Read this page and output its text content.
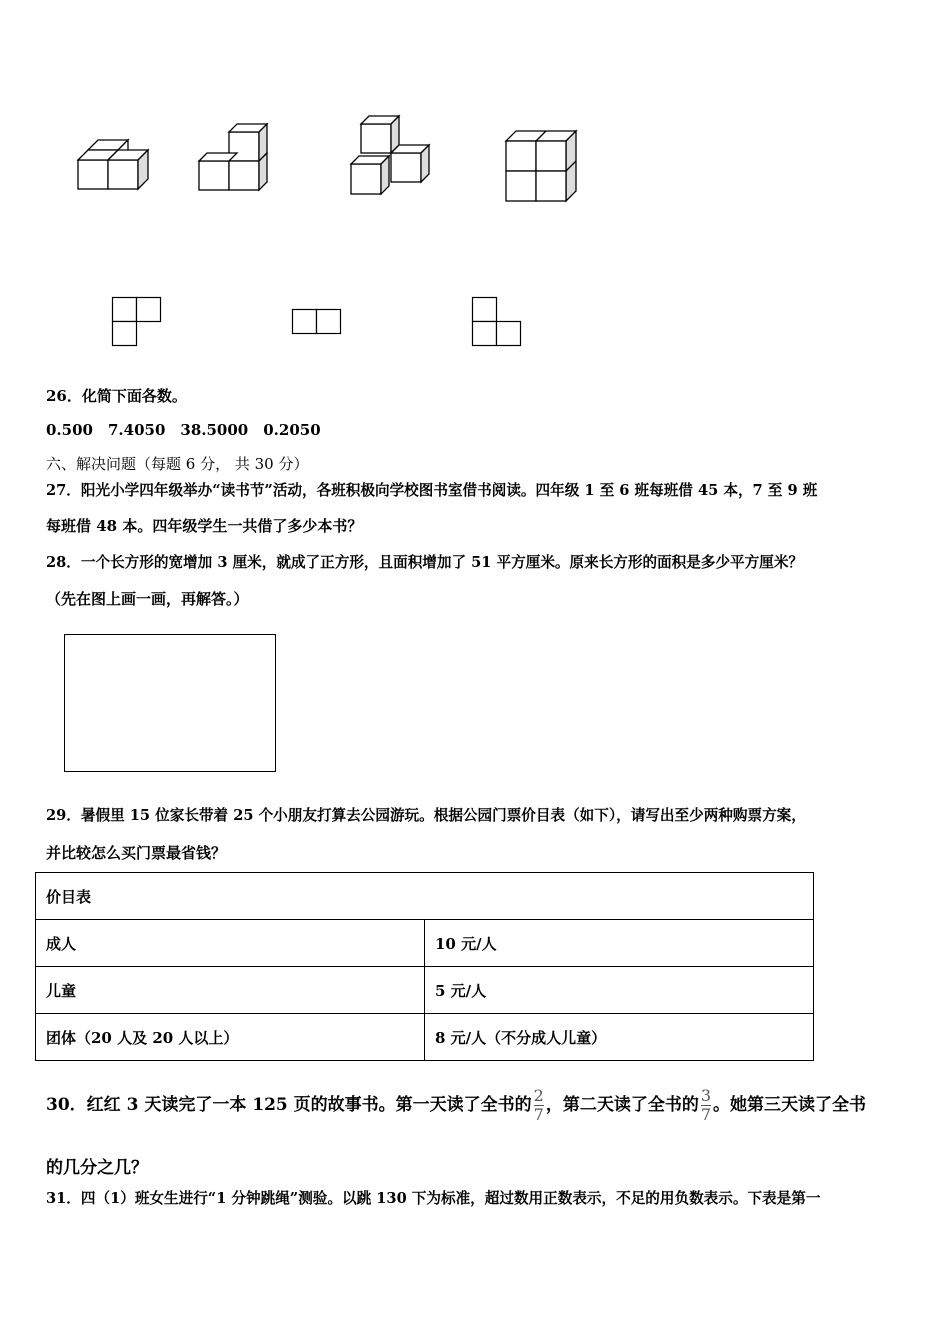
26．化简下面各数。
0.500　7.4050　38.5000　0.2050
六、解决问题（每题 6 分， 共 30 分）
27．阳光小学四年级举办“读书节”活动，各班积极向学校图书室借书阅读。四年级 1 至 6 班每班借 45 本，7 至 9 班
每班借 48 本。四年级学生一共借了多少本书？
28．一个长方形的宽增加 3 厘米，就成了正方形，且面积增加了 51 平方厘米。原来长方形的面积是多少平方厘米？
（先在图上画一画，再解答。）
29．暑假里 15 位家长带着 25 个小朋友打算去公园游玩。根据公园门票价目表（如下），请写出至少两种购票方案，
并比较怎么买门票最省钱？
价目表	
成人	10 元/人
儿童	5 元/人
团体（20 人及 20 人以上）	8 元/人（不分成人儿童）
30．红红 3 天读完了一本 125 页的故事书。第一天读了全书的 $\frac{2}{7}$ ，第二天读了全书的 $\frac{3}{7}$ 。她第三天读了全书
的几分之几？
31．四（1）班女生进行“1 分钟跳绳”测验。以跳 130 下为标准，超过数用正数表示，不足的用负数表示。下表是第一
